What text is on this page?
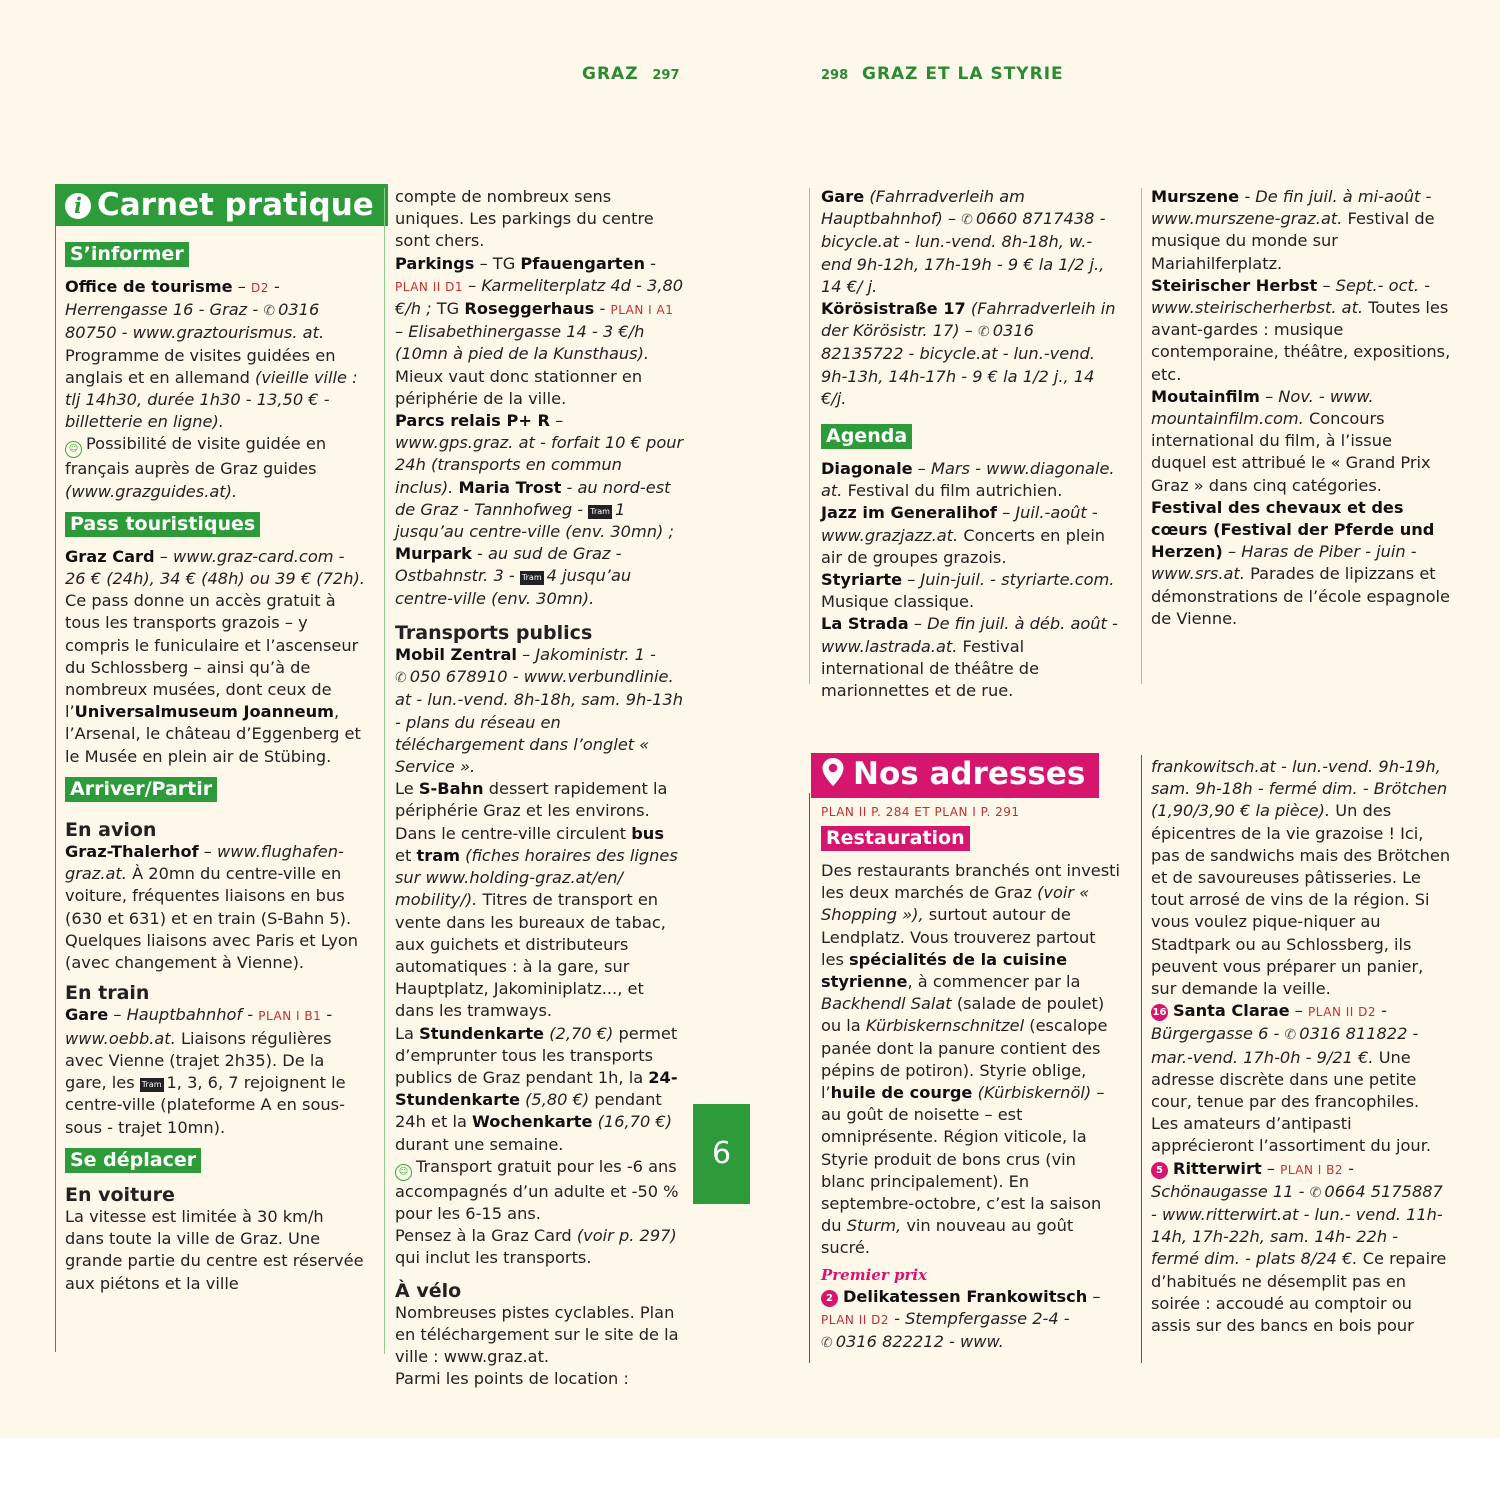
GRAZ 297	298 GRAZ ET LA STYRIE
i Carnet pratique
S’informer

Office de tourisme – D2 - Herrengasse 16 - Graz - ✆ 0316 80750 - www.graztourismus. at. Programme de visites guidées en anglais et en allemand (vieille ville : tlj 14h30, durée 1h30 - 13,50 € - billetterie en ligne).

☺ Possibilité de visite guidée en français auprès de Graz guides (www.grazguides.at).

Pass touristiques

Graz Card – www.graz-card.com - 26 € (24h), 34 € (48h) ou 39 € (72h). Ce pass donne un accès gratuit à tous les transports grazois – y compris le funiculaire et l’ascenseur du Schlossberg – ainsi qu’à de nombreux musées, dont ceux de l’Universalmuseum Joanneum, l’Arsenal, le château d’Eggenberg et le Musée en plein air de Stübing.

Arriver/Partir
En avion

Graz-Thalerhof – www.flughafen-graz.at. À 20mn du centre-ville en voiture, fréquentes liaisons en bus (630 et 631) et en train (S-Bahn 5). Quelques liaisons avec Paris et Lyon (avec changement à Vienne).

En train

Gare – Hauptbahnhof - PLAN I B1 - www.oebb.at. Liaisons régulières avec Vienne (trajet 2h35). De la gare, les Tram 1, 3, 6, 7 rejoignent le centre-ville (plateforme A en sous-sous - trajet 10mn).

Se déplacer
En voiture

La vitesse est limitée à 30 km/h dans toute la ville de Graz. Une grande partie du centre est réservée aux piétons et la ville

compte de nombreux sens uniques. Les parkings du centre sont chers.

Parkings – TG Pfauengarten - PLAN II D1 – Karmeliterplatz 4d - 3,80 €/h ; TG Roseggerhaus - PLAN I A1 – Elisabethinergasse 14 - 3 €/h (10mn à pied de la Kunsthaus).

Mieux vaut donc stationner en périphérie de la ville.

Parcs relais P+ R – www.gps.graz. at - forfait 10 € pour 24h (transports en commun inclus). Maria Trost - au nord-est de Graz - Tannhofweg - Tram 1 jusqu’au centre-ville (env. 30mn) ; Murpark - au sud de Graz - Ostbahnstr. 3 - Tram 4 jusqu’au centre-ville (env. 30mn).

Transports publics

Mobil Zentral – Jakoministr. 1 - ✆ 050 678910 - www.verbundlinie. at - lun.-vend. 8h-18h, sam. 9h-13h - plans du réseau en téléchargement dans l’onglet « Service ».

Le S-Bahn dessert rapidement la périphérie Graz et les environs.

Dans le centre-ville circulent bus et tram (fiches horaires des lignes sur www.holding-graz.at/en/ mobility/). Titres de transport en vente dans les bureaux de tabac, aux guichets et distributeurs automatiques : à la gare, sur Hauptplatz, Jakominiplatz..., et dans les tramways.

La Stundenkarte (2,70 €) permet d’emprunter tous les transports publics de Graz pendant 1h, la 24-Stundenkarte (5,80 €) pendant 24h et la Wochenkarte (16,70 €) durant une semaine.

☺ Transport gratuit pour les -6 ans accompagnés d’un adulte et -50 % pour les 6-15 ans.

Pensez à la Graz Card (voir p. 297) qui inclut les transports.

À vélo

Nombreuses pistes cyclables. Plan en téléchargement sur le site de la ville : www.graz.at.

Parmi les points de location :

6

Gare (Fahrradverleih am Hauptbahnhof) – ✆ 0660 8717438 - bicycle.at - lun.-vend. 8h-18h, w.-end 9h-12h, 17h-19h - 9 € la 1/2 j., 14 €/ j.

Körösistraße 17 (Fahrradverleih in der Körösistr. 17) – ✆ 0316 82135722 - bicycle.at - lun.-vend. 9h-13h, 14h-17h - 9 € la 1/2 j., 14 €/j.

Agenda

Diagonale – Mars - www.diagonale. at. Festival du film autrichien.

Jazz im Generalihof – Juil.-août - www.grazjazz.at. Concerts en plein air de groupes grazois.

Styriarte – Juin-juil. - styriarte.com. Musique classique.

La Strada – De fin juil. à déb. août - www.lastrada.at. Festival international de théâtre de marionnettes et de rue.

Murszene - De fin juil. à mi-août - www.murszene-graz.at. Festival de musique du monde sur Mariahilferplatz.

Steirischer Herbst – Sept.- oct. - www.steirischerherbst. at. Toutes les avant-gardes : musique contemporaine, théâtre, expositions, etc.

Moutainfilm – Nov. - www. mountainfilm.com. Concours international du film, à l’issue duquel est attribué le « Grand Prix Graz » dans cinq catégories.

Festival des chevaux et des cœurs (Festival der Pferde und Herzen) – Haras de Piber - juin - www.srs.at. Parades de lipizzans et démonstrations de l’école espagnole de Vienne.

Nos adresses

PLAN II P. 284 ET PLAN I P. 291

Restauration

Des restaurants branchés ont investi les deux marchés de Graz (voir « Shopping »), surtout autour de Lendplatz. Vous trouverez partout les spécialités de la cuisine styrienne, à commencer par la Backhendl Salat (salade de poulet) ou la Kürbiskernschnitzel (escalope panée dont la panure contient des pépins de potiron). Styrie oblige, l’huile de courge (Kürbiskernöl) – au goût de noisette – est omniprésente. Région viticole, la Styrie produit de bons crus (vin blanc principalement). En septembre-octobre, c’est la saison du Sturm, vin nouveau au goût sucré.

Premier prix

2 Delikatessen Frankowitsch – PLAN II D2 - Stempfergasse 2-4 - ✆ 0316 822212 - www.

frankowitsch.at - lun.-vend. 9h-19h, sam. 9h-18h - fermé dim. - Brötchen (1,90/3,90 € la pièce). Un des épicentres de la vie grazoise ! Ici, pas de sandwichs mais des Brötchen et de savoureuses pâtisseries. Le tout arrosé de vins de la région. Si vous voulez pique-niquer au Stadtpark ou au Schlossberg, ils peuvent vous préparer un panier, sur demande la veille.

16 Santa Clarae – PLAN II D2 - Bürgergasse 6 - ✆ 0316 811822 - mar.-vend. 17h-0h - 9/21 €. Une adresse discrète dans une petite cour, tenue par des francophiles. Les amateurs d’antipasti apprécieront l’assortiment du jour.

5 Ritterwirt – PLAN I B2 - Schönaugasse 11 - ✆ 0664 5175887 - www.ritterwirt.at - lun.- vend. 11h-14h, 17h-22h, sam. 14h- 22h - fermé dim. - plats 8/24 €. Ce repaire d’habitués ne désemplit pas en soirée : accoudé au comptoir ou assis sur des bancs en bois pour
